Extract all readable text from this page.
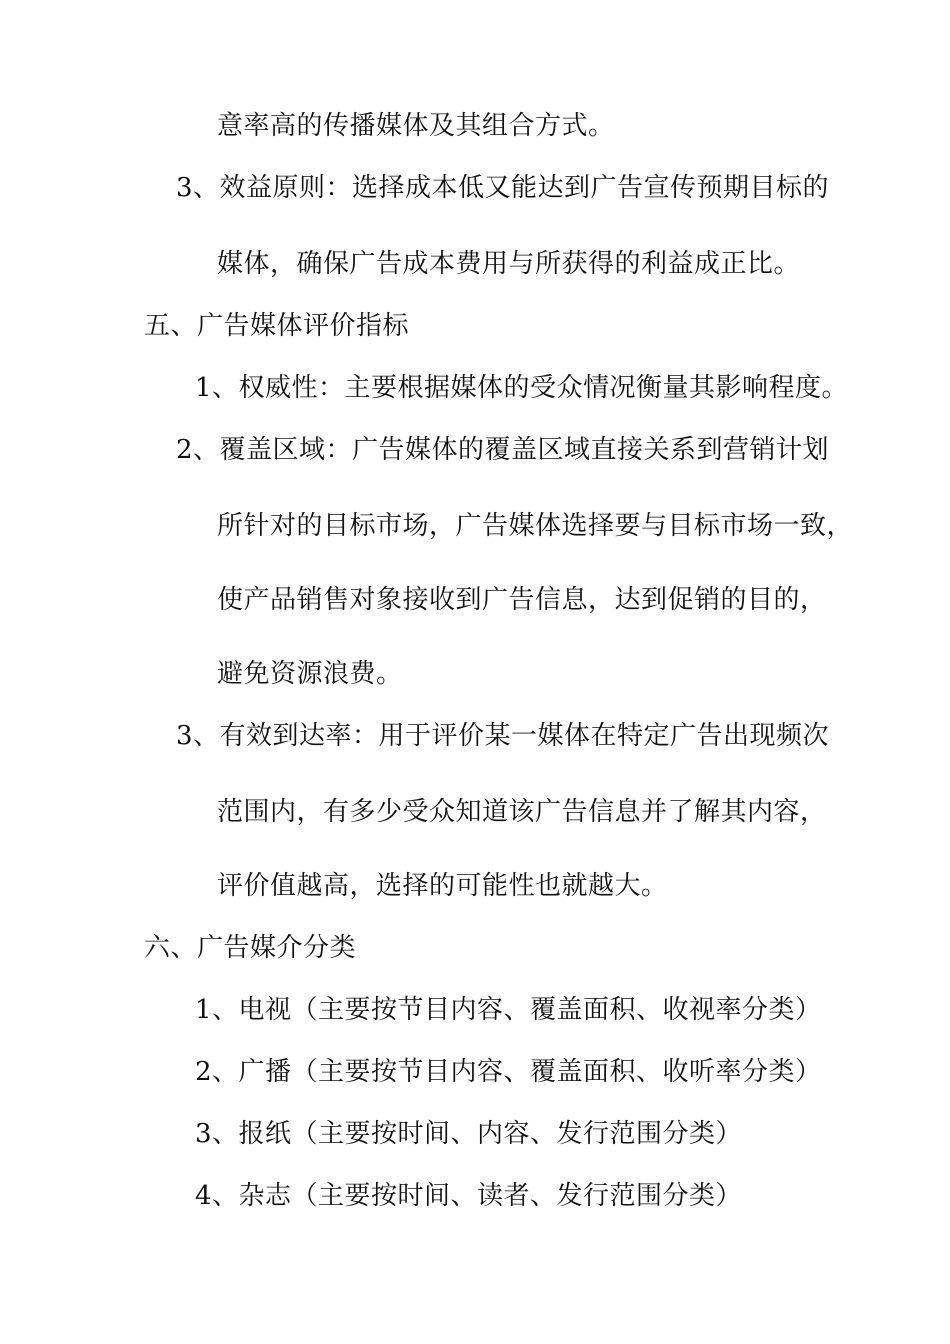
意率高的传播媒体及其组合方式。
3、效益原则：选择成本低又能达到广告宣传预期目标的
媒体，确保广告成本费用与所获得的利益成正比。
五、广告媒体评价指标
1、权威性：主要根据媒体的受众情况衡量其影响程度。
2、覆盖区域：广告媒体的覆盖区域直接关系到营销计划
所针对的目标市场，广告媒体选择要与目标市场一致，
使产品销售对象接收到广告信息，达到促销的目的，
避免资源浪费。
3、有效到达率：用于评价某一媒体在特定广告出现频次
范围内，有多少受众知道该广告信息并了解其内容，
评价值越高，选择的可能性也就越大。
六、广告媒介分类
1、电视（主要按节目内容、覆盖面积、收视率分类）
2、广播（主要按节目内容、覆盖面积、收听率分类）
3、报纸（主要按时间、内容、发行范围分类）
4、杂志（主要按时间、读者、发行范围分类）
